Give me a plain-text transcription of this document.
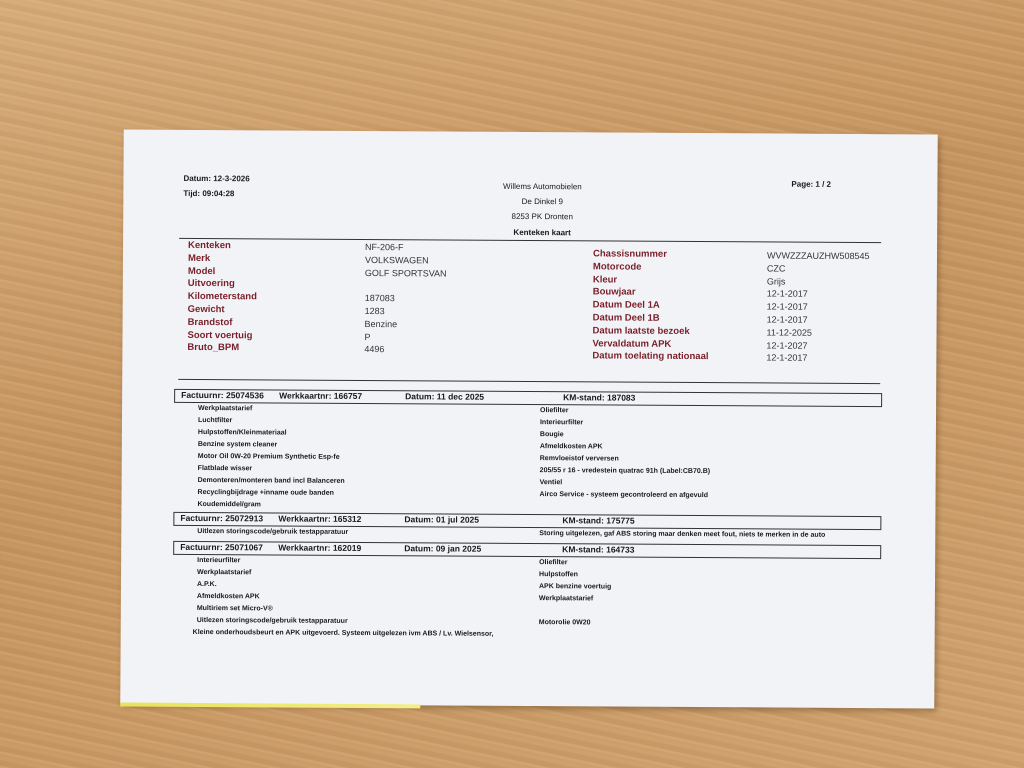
Datum: 12-3-2026
Tijd: 09:04:28
Willems Automobielen
De Dinkel 9
8253 PK Dronten
Kenteken kaart
Page: 1 / 2
Kenteken	NF-206-F
Merk	VOLKSWAGEN
Model	GOLF SPORTSVAN
Uitvoering
Kilometerstand	187083
Gewicht	1283
Brandstof	Benzine
Soort voertuig	P
Bruto_BPM	4496
Chassisnummer	WVWZZZAUZHW508545
Motorcode	CZC
Kleur	Grijs
Bouwjaar	12-1-2017
Datum Deel 1A	12-1-2017
Datum Deel 1B	12-1-2017
Datum laatste bezoek	11-12-2025
Vervaldatum APK	12-1-2027
Datum toelating nationaal	12-1-2017
Factuurnr: 25074536 Werkkaartnr: 166757	Datum: 11 dec 2025	KM-stand: 187083
Werkplaatstarief
Luchtfilter
Hulpstoffen/Kleinmateriaal
Benzine system cleaner
Motor Oil 0W-20 Premium Synthetic Esp-fe
Flatblade wisser
Demonteren/monteren band incl Balanceren
Recyclingbijdrage +inname oude banden
Koudemiddel/gram
Oliefilter
Interieurfilter
Bougie
Afmeldkosten APK
Remvloeistof verversen
205/55 r 16 - vredestein quatrac 91h (Label:CB70.B)
Ventiel
Airco Service - systeem gecontroleerd en afgevuld
Factuurnr: 25072913 Werkkaartnr: 165312	Datum: 01 jul 2025	KM-stand: 175775
Uitlezen storingscode/gebruik testapparatuur	Storing uitgelezen, gaf ABS storing maar denken meet fout, niets te merken in de auto
Factuurnr: 25071067 Werkkaartnr: 162019	Datum: 09 jan 2025	KM-stand: 164733
Interieurfilter
Werkplaatstarief
A.P.K.
Afmeldkosten APK
Multiriem set Micro-V®
Uitlezen storingscode/gebruik testapparatuur
Oliefilter
Hulpstoffen
APK benzine voertuig
Werkplaatstarief
Motorolie 0W20
Kleine onderhoudsbeurt en APK uitgevoerd. Systeem uitgelezen ivm ABS / Lv. Wielsensor,
